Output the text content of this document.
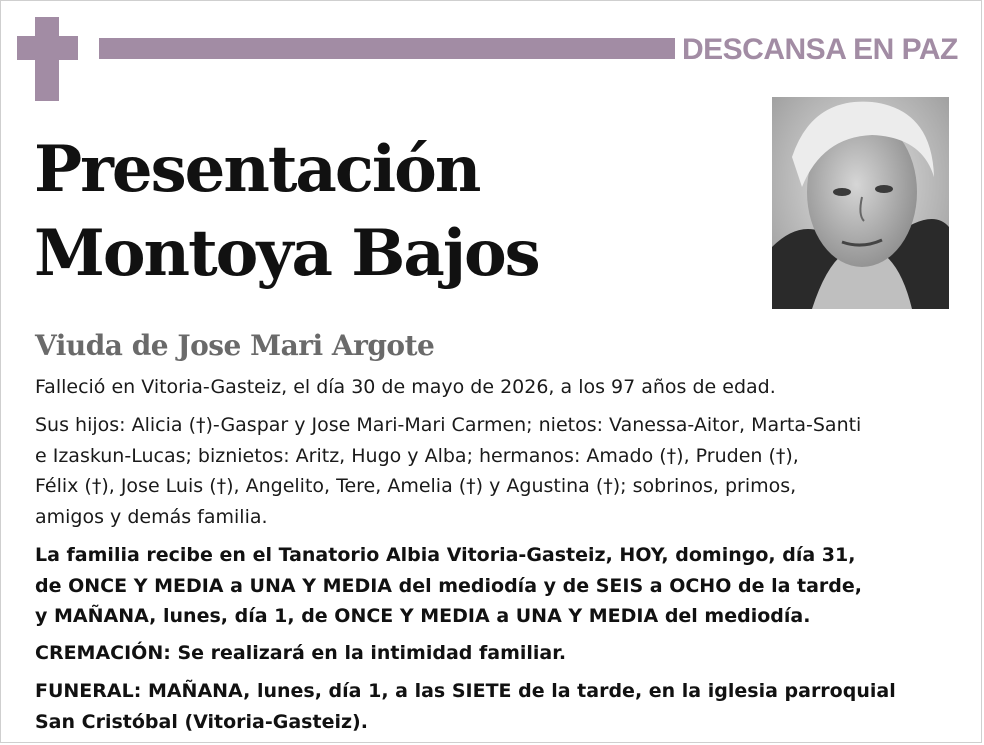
DESCANSA EN PAZ
Presentación
Montoya Bajos
Viuda de Jose Mari Argote

Falleció en Vitoria-Gasteiz, el día 30 de mayo de 2026, a los 97 años de edad.

Sus hijos: Alicia (†)-Gaspar y Jose Mari-Mari Carmen; nietos: Vanessa-Aitor, Marta-Santi
e Izaskun-Lucas; biznietos: Aritz, Hugo y Alba; hermanos: Amado (†), Pruden (†),
Félix (†), Jose Luis (†), Angelito, Tere, Amelia (†) y Agustina (†); sobrinos, primos,
amigos y demás familia.

La familia recibe en el Tanatorio Albia Vitoria-Gasteiz, HOY, domingo, día 31,
de ONCE Y MEDIA a UNA Y MEDIA del mediodía y de SEIS a OCHO de la tarde,
y MAÑANA, lunes, día 1, de ONCE Y MEDIA a UNA Y MEDIA del mediodía.

CREMACIÓN: Se realizará en la intimidad familiar.

FUNERAL: MAÑANA, lunes, día 1, a las SIETE de la tarde, en la iglesia parroquial
San Cristóbal (Vitoria-Gasteiz).
